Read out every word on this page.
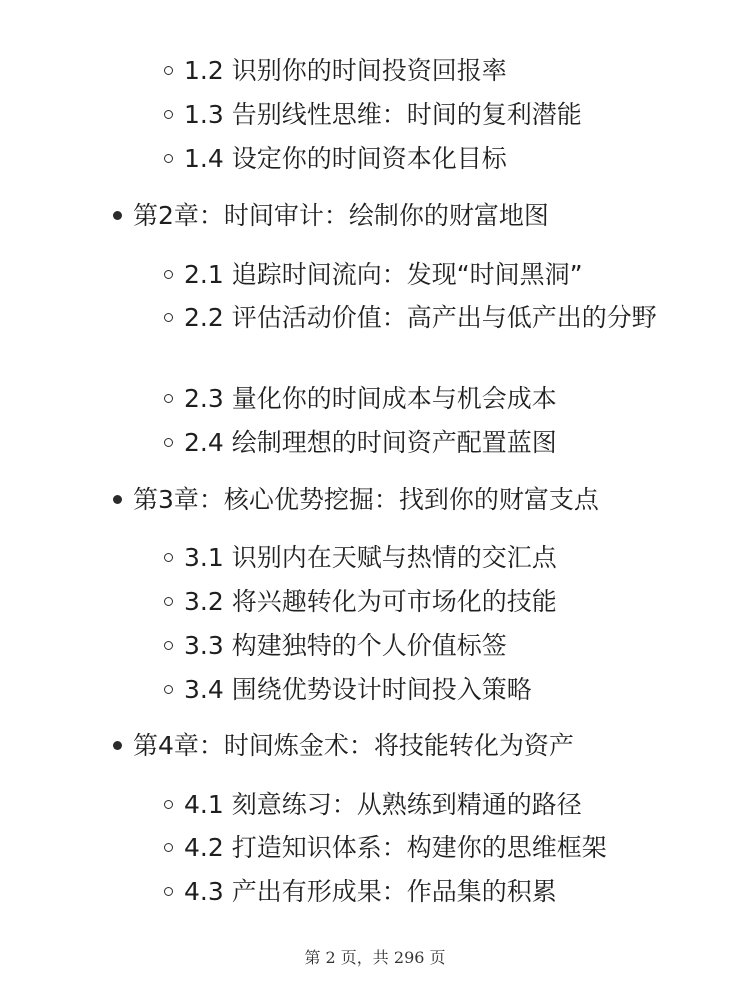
1.2 识别你的时间投资回报率
1.3 告别线性思维：时间的复利潜能
1.4 设定你的时间资本化目标
第2章：时间审计：绘制你的财富地图
2.1 追踪时间流向：发现“时间黑洞”
2.2 评估活动价值：高产出与低产出的分野
2.3 量化你的时间成本与机会成本
2.4 绘制理想的时间资产配置蓝图
第3章：核心优势挖掘：找到你的财富支点
3.1 识别内在天赋与热情的交汇点
3.2 将兴趣转化为可市场化的技能
3.3 构建独特的个人价值标签
3.4 围绕优势设计时间投入策略
第4章：时间炼金术：将技能转化为资产
4.1 刻意练习：从熟练到精通的路径
4.2 打造知识体系：构建你的思维框架
4.3 产出有形成果：作品集的积累
第 2 页，共 296 页
